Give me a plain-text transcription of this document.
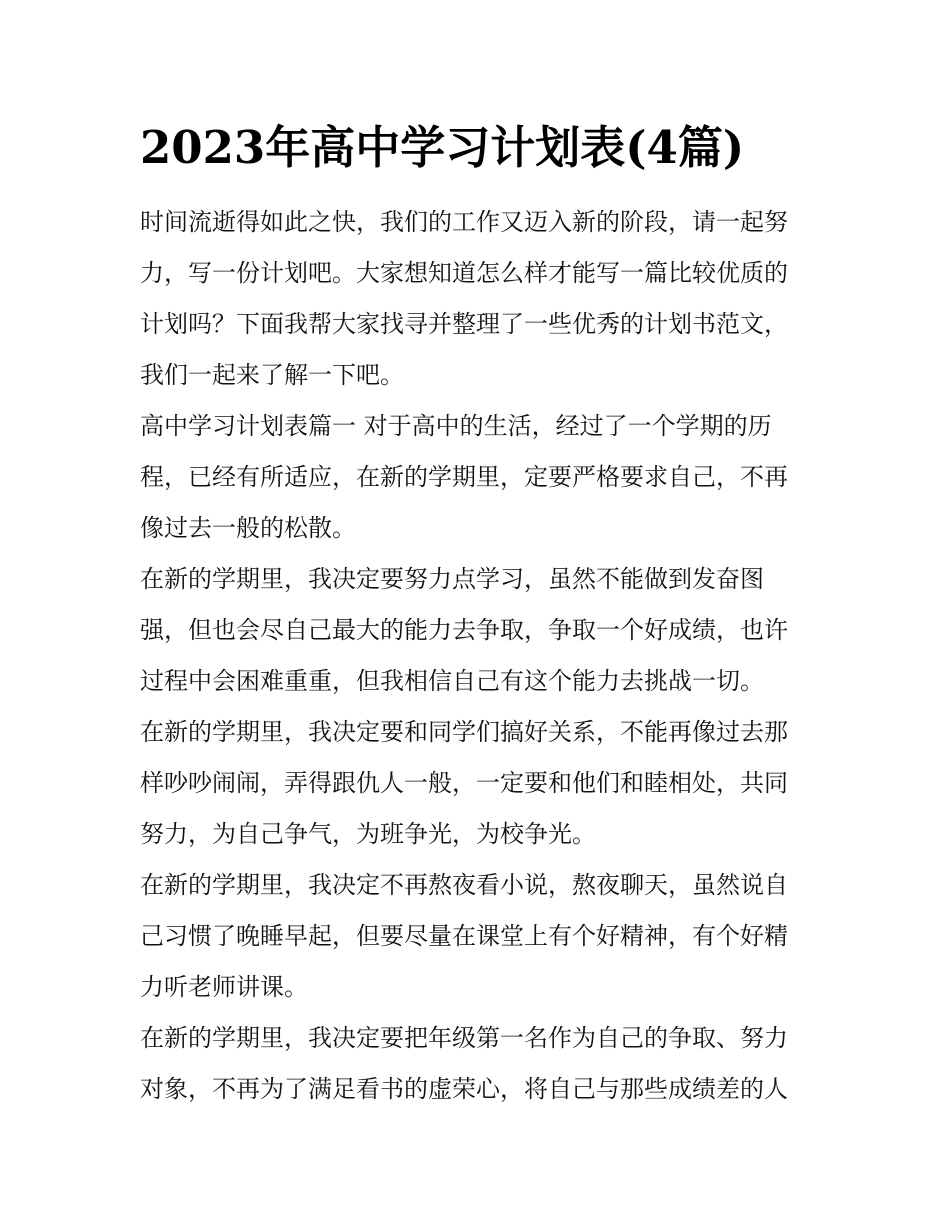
2023年高中学习计划表(4篇)

时间流逝得如此之快，我们的工作又迈入新的阶段，请一起努
力，写一份计划吧。大家想知道怎么样才能写一篇比较优质的
计划吗？下面我帮大家找寻并整理了一些优秀的计划书范文，
我们一起来了解一下吧。

高中学习计划表篇一 对于高中的生活，经过了一个学期的历
程，已经有所适应，在新的学期里，定要严格要求自己，不再
像过去一般的松散。

在新的学期里，我决定要努力点学习，虽然不能做到发奋图
强，但也会尽自己最大的能力去争取，争取一个好成绩，也许
过程中会困难重重，但我相信自己有这个能力去挑战一切。

在新的学期里，我决定要和同学们搞好关系，不能再像过去那
样吵吵闹闹，弄得跟仇人一般，一定要和他们和睦相处，共同
努力，为自己争气，为班争光，为校争光。

在新的学期里，我决定不再熬夜看小说，熬夜聊天，虽然说自
己习惯了晚睡早起，但要尽量在课堂上有个好精神，有个好精
力听老师讲课。

在新的学期里，我决定要把年级第一名作为自己的争取、努力
对象，不再为了满足看书的虚荣心，将自己与那些成绩差的人
